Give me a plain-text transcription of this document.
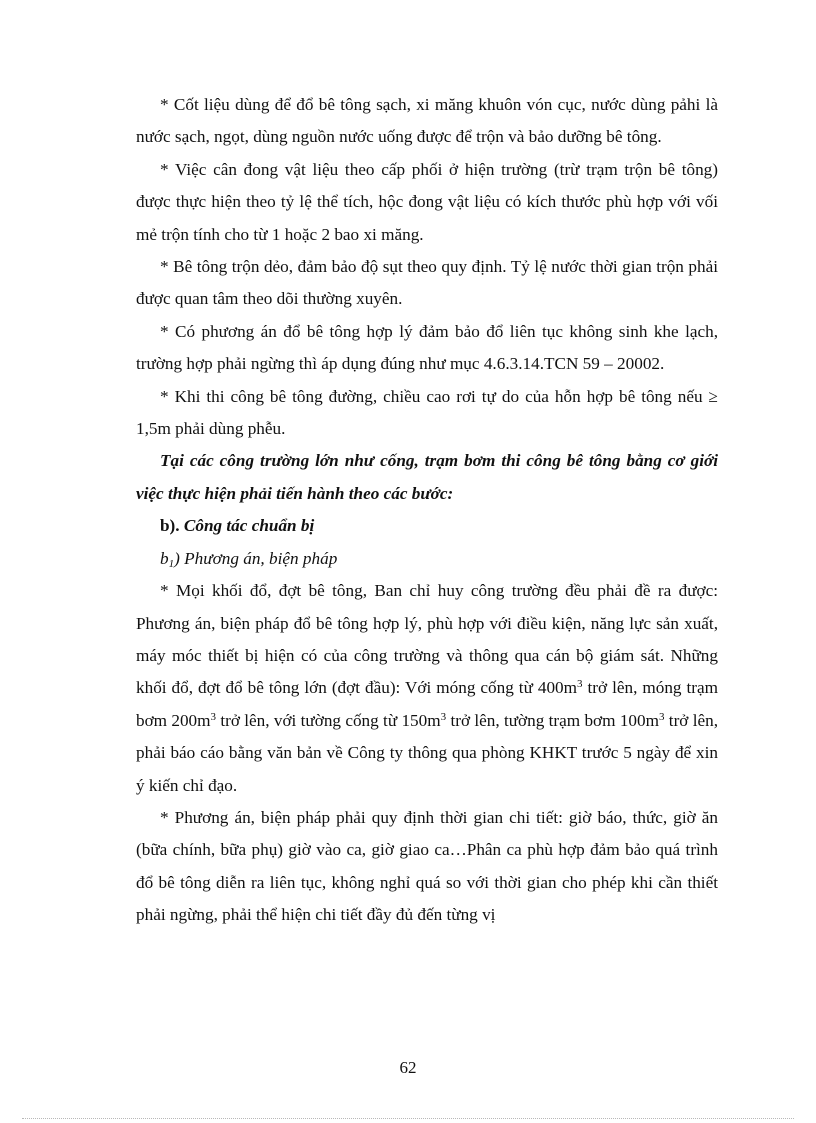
* Cốt liệu dùng để đổ bê tông sạch, xi măng khuôn vón cục, nước dùng pảhi là nước sạch, ngọt, dùng nguồn nước uống được để trộn và bảo dưỡng bê tông.

* Việc cân đong vật liệu theo cấp phối ở hiện trường (trừ trạm trộn bê tông) được thực hiện theo tỷ lệ thể tích, hộc đong vật liệu có kích thước phù hợp với vối mẻ trộn tính cho từ 1 hoặc 2 bao xi măng.

* Bê tông trộn dẻo, đảm bảo độ sụt theo quy định. Tỷ lệ nước thời gian trộn phải được quan tâm theo dõi thường xuyên.

* Có phương án đổ bê tông hợp lý đảm bảo đổ liên tục không sinh khe lạch, trường hợp phải ngừng thì áp dụng đúng như mục 4.6.3.14.TCN 59 – 20002.

* Khi thi công bê tông đường, chiều cao rơi tự do của hỗn hợp bê tông nếu ≥ 1,5m phải dùng phễu.

Tại các công trường lớn như cống, trạm bơm thi công bê tông bằng cơ giới việc thực hiện phải tiến hành theo các bước:

b). Công tác chuẩn bị

$b_1$) Phương án, biện pháp

* Mọi khối đổ, đợt bê tông, Ban chỉ huy công trường đều phải đề ra được: Phương án, biện pháp đổ bê tông hợp lý, phù hợp với điều kiện, năng lực sản xuất, máy móc thiết bị hiện có của công trường và thông qua cán bộ giám sát. Những khối đổ, đợt đổ bê tông lớn (đợt đầu): Với móng cống từ $400m^3$ trở lên, móng trạm bơm $200m^3$ trở lên, với tường cống từ $150m^3$ trở lên, tường trạm bơm $100m^3$ trở lên, phải báo cáo bằng văn bản về Công ty thông qua phòng KHKT trước 5 ngày để xin ý kiến chỉ đạo.

* Phương án, biện pháp phải quy định thời gian chi tiết: giờ báo, thức, giờ ăn (bữa chính, bữa phụ) giờ vào ca, giờ giao ca…Phân ca phù hợp đảm bảo quá trình đổ bê tông diễn ra liên tục, không nghỉ quá so với thời gian cho phép khi cần thiết phải ngừng, phải thể hiện chi tiết đầy đủ đến từng vị

62
